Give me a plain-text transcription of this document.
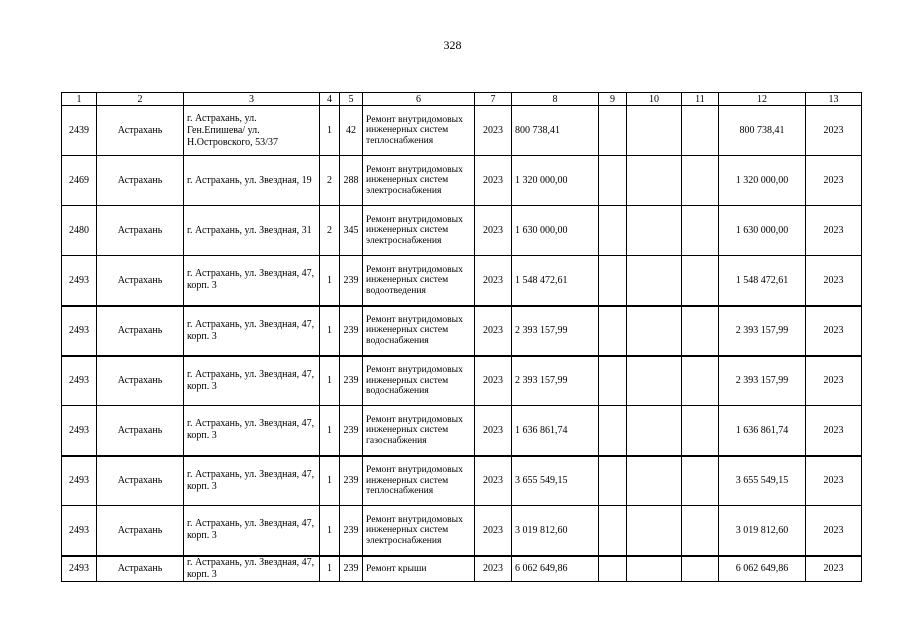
328
1	2	3	4	5	6	7	8	9	10	11	12	13
2439	Астрахань	г. Астрахань, ул. Ген.Епишева/ ул. Н.Островского, 53/37	1	42	Ремонт внутридомовых инженерных систем теплоснабжения	2023	800 738,41				800 738,41	2023
2469	Астрахань	г. Астрахань, ул. Звездная, 19	2	288	Ремонт внутридомовых инженерных систем электроснабжения	2023	1 320 000,00				1 320 000,00	2023
2480	Астрахань	г. Астрахань, ул. Звездная, 31	2	345	Ремонт внутридомовых инженерных систем электроснабжения	2023	1 630 000,00				1 630 000,00	2023
2493	Астрахань	г. Астрахань, ул. Звездная, 47, корп. 3	1	239	Ремонт внутридомовых инженерных систем водоотведения	2023	1 548 472,61				1 548 472,61	2023
2493	Астрахань	г. Астрахань, ул. Звездная, 47, корп. 3	1	239	Ремонт внутридомовых инженерных систем водоснабжения	2023	2 393 157,99				2 393 157,99	2023
2493	Астрахань	г. Астрахань, ул. Звездная, 47, корп. 3	1	239	Ремонт внутридомовых инженерных систем водоснабжения	2023	2 393 157,99				2 393 157,99	2023
2493	Астрахань	г. Астрахань, ул. Звездная, 47, корп. 3	1	239	Ремонт внутридомовых инженерных систем газоснабжения	2023	1 636 861,74				1 636 861,74	2023
2493	Астрахань	г. Астрахань, ул. Звездная, 47, корп. 3	1	239	Ремонт внутридомовых инженерных систем теплоснабжения	2023	3 655 549,15				3 655 549,15	2023
2493	Астрахань	г. Астрахань, ул. Звездная, 47, корп. 3	1	239	Ремонт внутридомовых инженерных систем электроснабжения	2023	3 019 812,60				3 019 812,60	2023
2493	Астрахань	г. Астрахань, ул. Звездная, 47, корп. 3	1	239	Ремонт крыши	2023	6 062 649,86				6 062 649,86	2023
